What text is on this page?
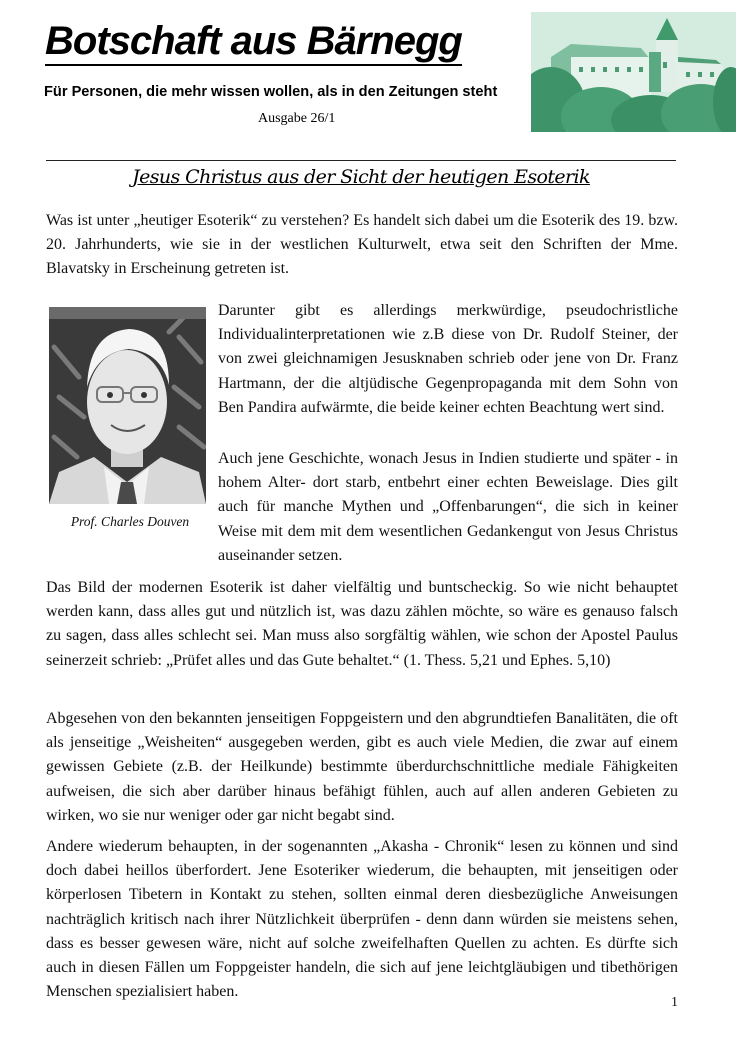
Botschaft aus Bärnegg
Für Personen, die mehr wissen wollen, als in den Zeitungen steht
Ausgabe 26/1
Jesus Christus aus der Sicht der heutigen Esoterik

Was ist unter „heutiger Esoterik“ zu verstehen? Es handelt sich dabei um die Esoterik des 19. bzw. 20. Jahrhunderts, wie sie in der westlichen Kulturwelt, etwa seit den Schriften der Mme. Blavatsky in Erscheinung getreten ist.

Prof. Charles Douven

Darunter gibt es allerdings merkwürdige, pseudochristliche Individualinterpretationen wie z.B diese von Dr. Rudolf Steiner, der von zwei gleichnamigen Jesusknaben schrieb oder jene von Dr. Franz Hartmann, der die altjüdische Gegenpropaganda mit dem Sohn von Ben Pandira aufwärmte, die beide keiner echten Beachtung wert sind.

Auch jene Geschichte, wonach Jesus in Indien studierte und später - in hohem Alter- dort starb, entbehrt einer echten Beweislage. Dies gilt auch für manche Mythen und „Offenbarungen“, die sich in keiner Weise mit dem mit dem wesentlichen Gedankengut von Jesus Christus auseinander setzen.

Das Bild der modernen Esoterik ist daher vielfältig und buntscheckig. So wie nicht behauptet werden kann, dass alles gut und nützlich ist, was dazu zählen möchte, so wäre es genauso falsch zu sagen, dass alles schlecht sei. Man muss also sorgfältig wählen, wie schon der Apostel Paulus seinerzeit schrieb: „Prüfet alles und das Gute behaltet.“ (1. Thess. 5,21 und Ephes. 5,10)

Abgesehen von den bekannten jenseitigen Foppgeistern und den abgrundtiefen Banalitäten, die oft als jenseitige „Weisheiten“ ausgegeben werden, gibt es auch viele Medien, die zwar auf einem gewissen Gebiete (z.B. der Heilkunde) bestimmte überdurchschnittliche mediale Fähigkeiten aufweisen, die sich aber darüber hinaus befähigt fühlen, auch auf allen anderen Gebieten zu wirken, wo sie nur weniger oder gar nicht begabt sind.

Andere wiederum behaupten, in der sogenannten „Akasha - Chronik“ lesen zu können und sind doch dabei heillos überfordert. Jene Esoteriker wiederum, die behaupten, mit jenseitigen oder körperlosen Tibetern in Kontakt zu stehen, sollten einmal deren diesbezügliche Anweisungen nachträglich kritisch nach ihrer Nützlichkeit überprüfen - denn dann würden sie meistens sehen, dass es besser gewesen wäre, nicht auf solche zweifelhaften Quellen zu achten. Es dürfte sich auch in diesen Fällen um Foppgeister handeln, die sich auf jene leichtgläubigen und tibethörigen Menschen spezialisiert haben.

1
